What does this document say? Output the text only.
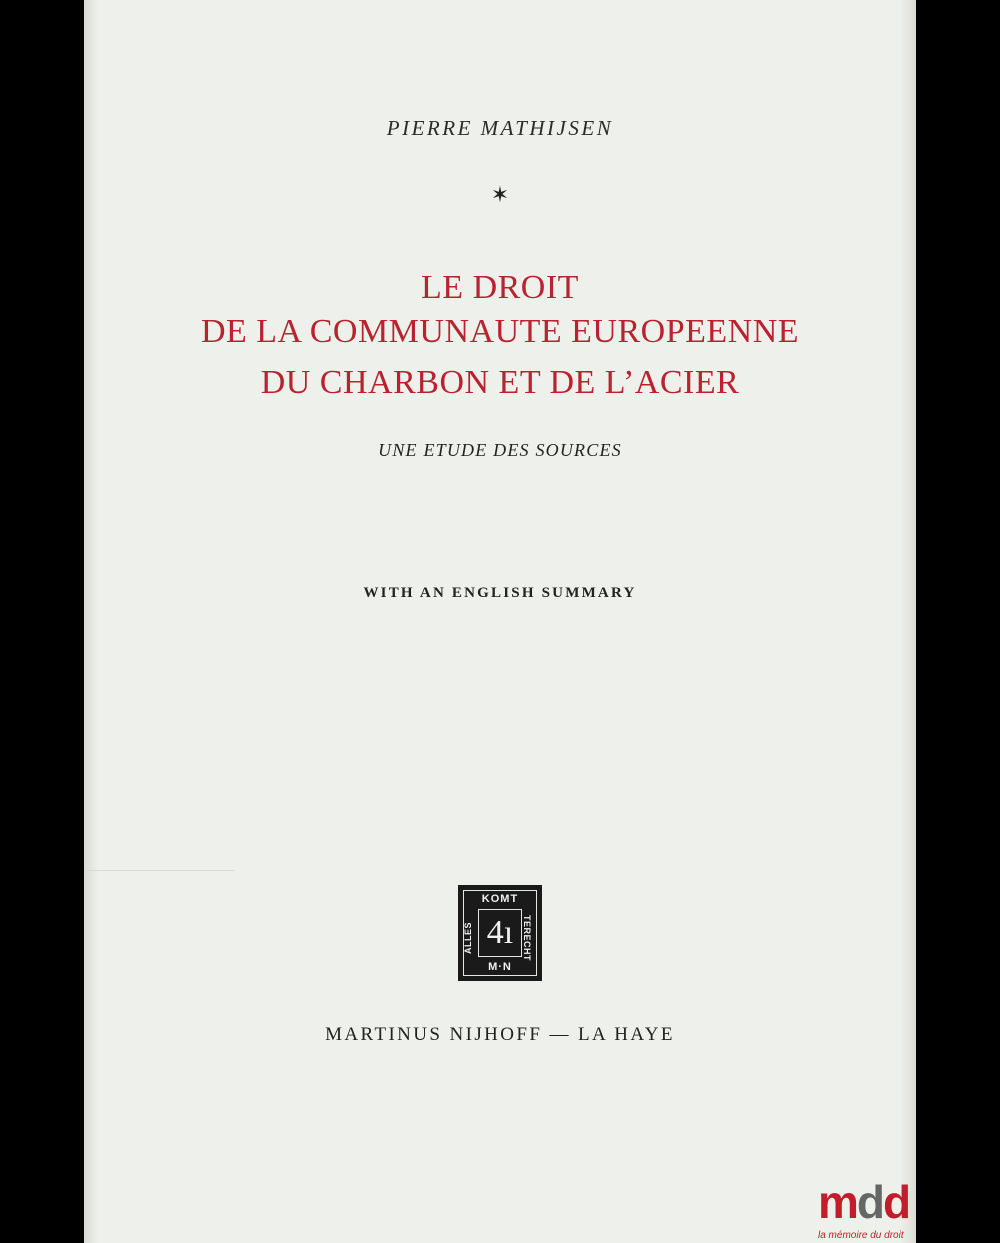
PIERRE MATHIJSEN

✶

LE DROIT

DE LA COMMUNAUTE EUROPEENNE

DU CHARBON ET DE L’ACIER

UNE ETUDE DES SOURCES

WITH AN ENGLISH SUMMARY

KOMT
ALLES	TERECHT
4ı
M·N

MARTINUS NIJHOFF — LA HAYE

mdd
la mémoire du droit
